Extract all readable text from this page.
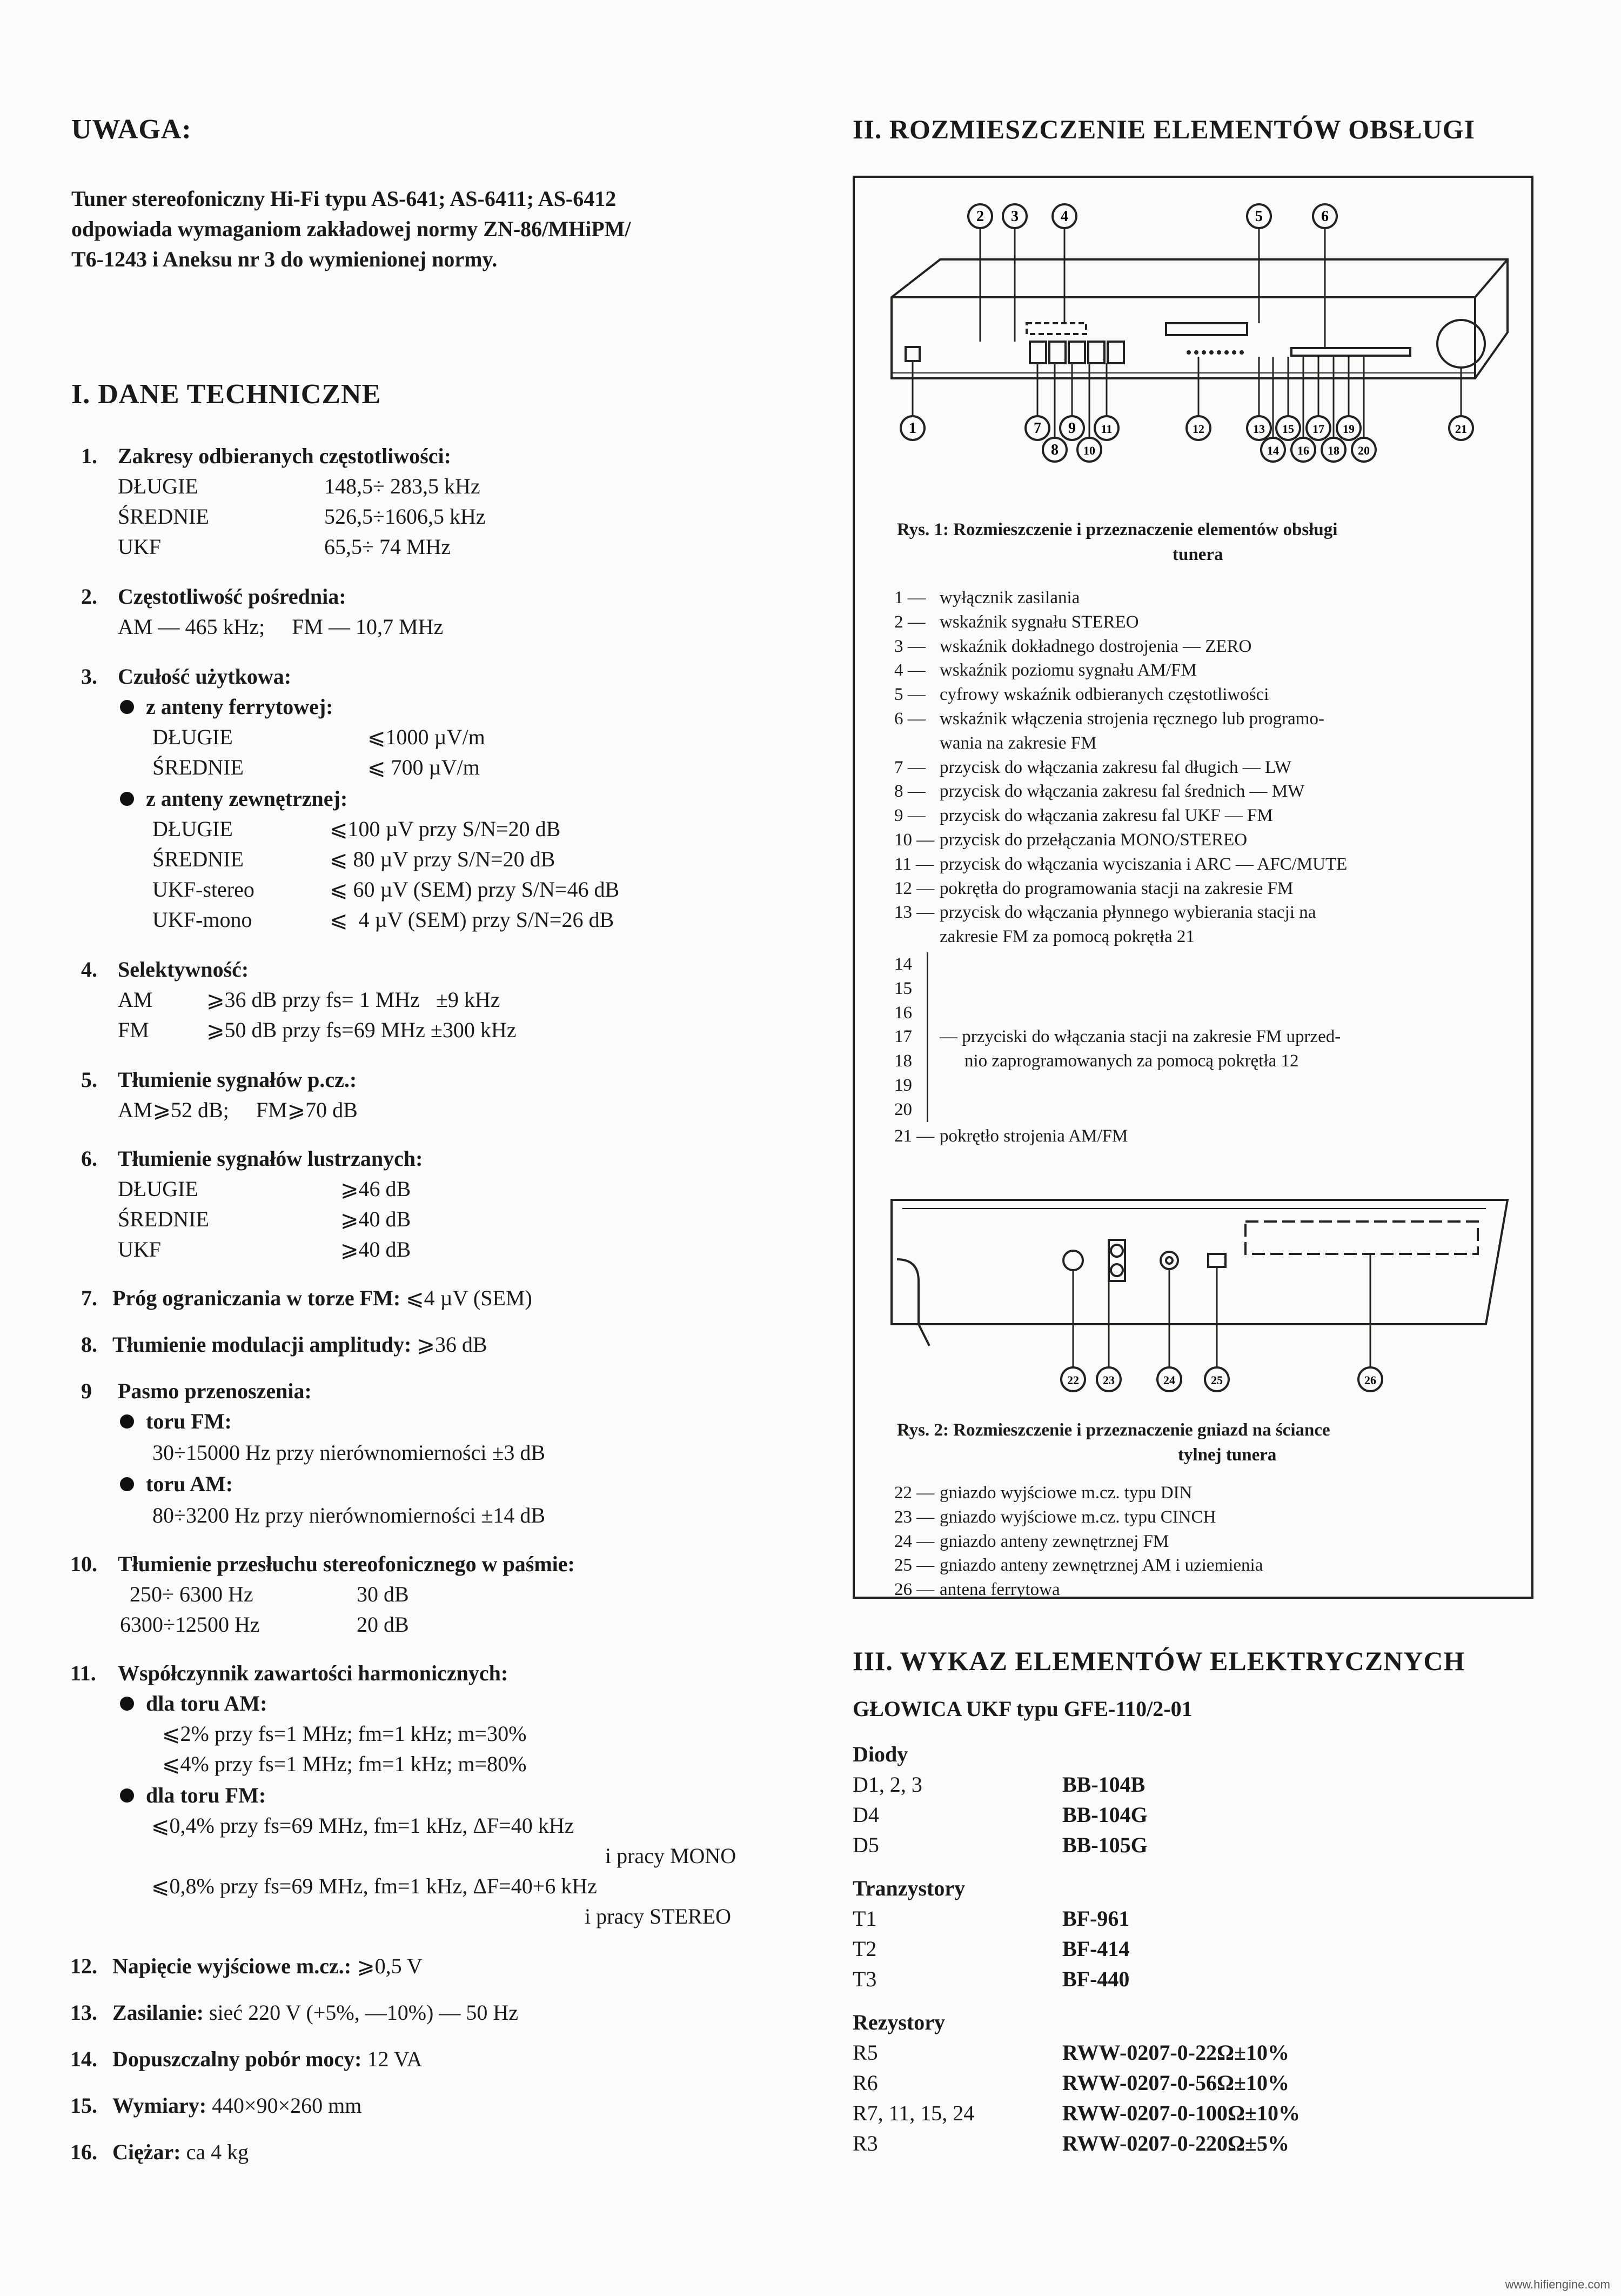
UWAGA:
Tuner stereofoniczny Hi-Fi typu AS-641; AS-6411; AS-6412
odpowiada wymaganiom zakładowej normy ZN-86/MHiPM/
T6-1243 i Aneksu nr 3 do wymienionej normy.
I. DANE TECHNICZNE
1. Zakresy odbieranych częstotliwości:
DŁUGIE	148,5÷ 283,5 kHz
ŚREDNIE	526,5÷1606,5 kHz
UKF	65,5÷ 74 MHz
2. Częstotliwość pośrednia:
AM — 465 kHz;     FM — 10,7 MHz
3. Czułość użytkowa:
z anteny ferrytowej:
DŁUGIE	⩽1000 µV/m
ŚREDNIE	⩽ 700 µV/m
z anteny zewnętrznej:
DŁUGIE	⩽100 µV przy S/N=20 dB
ŚREDNIE	⩽ 80 µV przy S/N=20 dB
UKF-stereo	⩽ 60 µV (SEM) przy S/N=46 dB
UKF-mono	⩽  4 µV (SEM) przy S/N=26 dB
4. Selektywność:
AM ⩾36 dB przy fs= 1 MHz   ±9 kHz
FM	⩾50 dB przy fs=69 MHz ±300 kHz
5. Tłumienie sygnałów p.cz.:
AM⩾52 dB;     FM⩾70 dB
6. Tłumienie sygnałów lustrzanych:
DŁUGIE	⩾46 dB
ŚREDNIE	⩾40 dB
UKF	⩾40 dB
7. Próg ograniczania w torze FM: ⩽4 µV (SEM)
8. Tłumienie modulacji amplitudy: ⩾36 dB
9 Pasmo przenoszenia:
toru FM:
30÷15000 Hz przy nierównomierności ±3 dB
toru AM:
80÷3200 Hz przy nierównomierności ±14 dB
10. Tłumienie przesłuchu stereofonicznego w paśmie:
250÷ 6300 Hz	30 dB
6300÷12500 Hz	20 dB
11. Współczynnik zawartości harmonicznych:
dla toru AM:
⩽2% przy fs=1 MHz; fm=1 kHz; m=30%
⩽4% przy fs=1 MHz; fm=1 kHz; m=80%
dla toru FM:
⩽0,4% przy fs=69 MHz, fm=1 kHz, ΔF=40 kHz
i pracy MONO
⩽0,8% przy fs=69 MHz, fm=1 kHz, ΔF=40+6 kHz
i pracy STEREO
12. Napięcie wyjściowe m.cz.: ⩾0,5 V
13. Zasilanie: sieć 220 V (+5%, —10%) — 50 Hz
14. Dopuszczalny pobór mocy: 12 VA
15. Wymiary: 440×90×260 mm
16. Ciężar: ca 4 kg
II. ROZMIESZCZENIE ELEMENTÓW OBSŁUGI
2 3	4	5	6
1	7
8
9
10
11	12	13
14
15
16
17
18
19
20
21
Rys. 1: Rozmieszczenie i przeznaczenie elementów obsługi
tunera
1 — wyłącznik zasilania
2 — wskaźnik sygnału STEREO
3 — wskaźnik dokładnego dostrojenia — ZERO
4 — wskaźnik poziomu sygnału AM/FM
5 — cyfrowy wskaźnik odbieranych częstotliwości
6 — wskaźnik włączenia strojenia ręcznego lub programo-
wania na zakresie FM
7 — przycisk do włączania zakresu fal długich — LW
8 — przycisk do włączania zakresu fal średnich — MW
9 — przycisk do włączania zakresu fal UKF — FM
10 — przycisk do przełączania MONO/STEREO
11 — przycisk do włączania wyciszania i ARC — AFC/MUTE
12 — pokrętła do programowania stacji na zakresie FM
13 — przycisk do włączania płynnego wybierania stacji na
zakresie FM za pomocą pokrętła 21
14
15
16
17
18
19
20
— przyciski do włączania stacji na zakresie FM uprzed-
nio zaprogramowanych za pomocą pokrętła 12
21 — pokrętło strojenia AM/FM
22 23	24	25	26
Rys. 2: Rozmieszczenie i przeznaczenie gniazd na ściance
tylnej tunera
22 — gniazdo wyjściowe m.cz. typu DIN
23 — gniazdo wyjściowe m.cz. typu CINCH
24 — gniazdo anteny zewnętrznej FM
25 — gniazdo anteny zewnętrznej AM i uziemienia
26 — antena ferrytowa
III. WYKAZ ELEMENTÓW ELEKTRYCZNYCH
GŁOWICA UKF typu GFE-110/2-01
Diody
D1, 2, 3	BB-104B
D4	BB-104G
D5	BB-105G
Tranzystory
T1	BF-961
T2	BF-414
T3	BF-440
Rezystory
R5	RWW-0207-0-22Ω±10%
R6	RWW-0207-0-56Ω±10%
R7, 11, 15, 24	RWW-0207-0-100Ω±10%
R3	RWW-0207-0-220Ω±5%
www.hifiengine.com
